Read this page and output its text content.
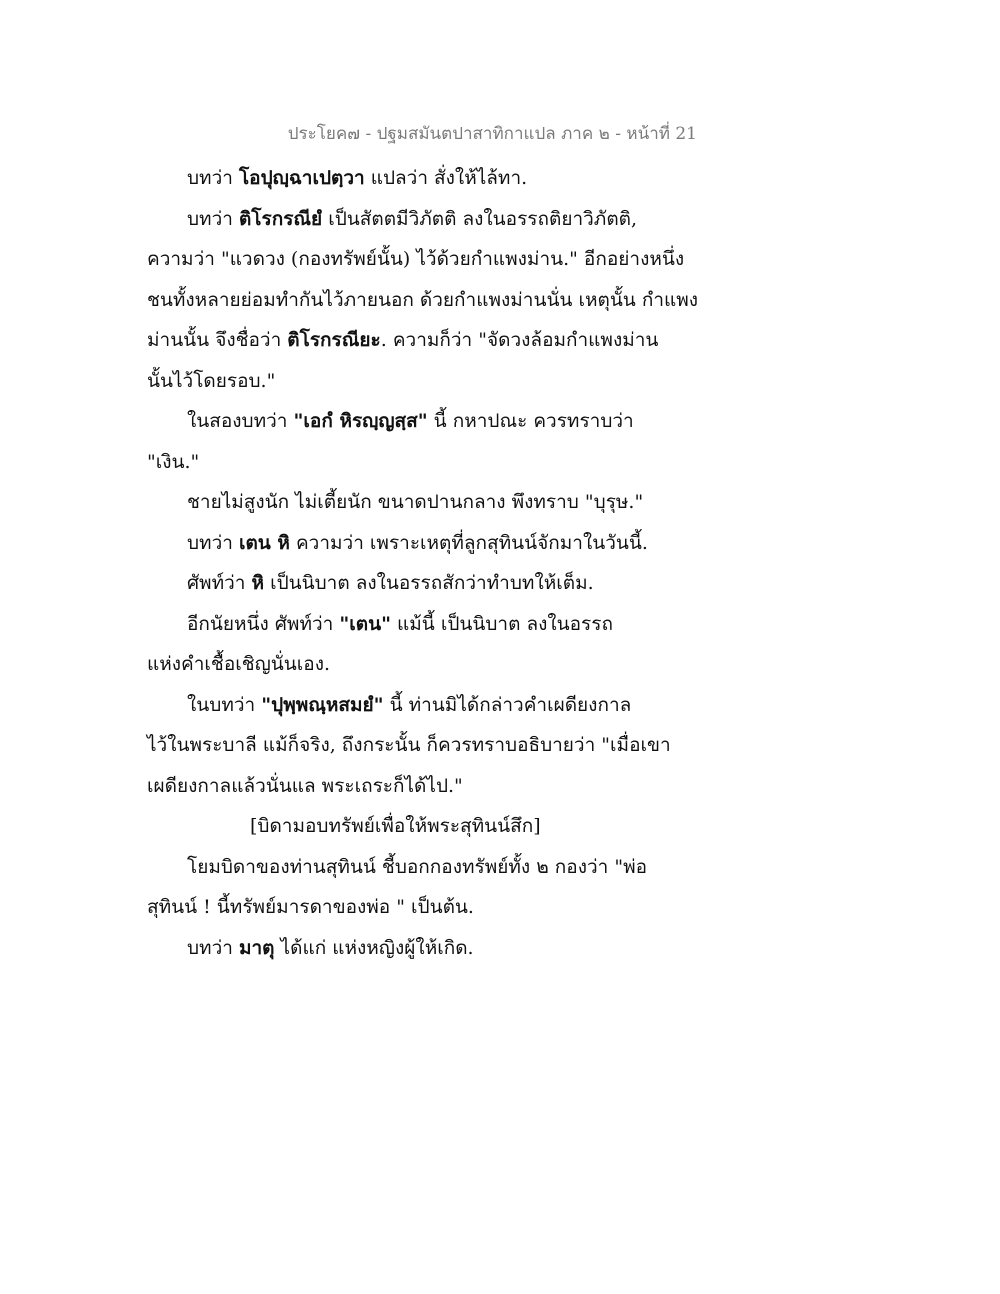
ประโยค๗ - ปฐมสมันตปาสาทิกาแปล ภาค ๒ - หน้าที่ 21
บทว่า โอปุญฺฉาเปตฺวา แปลว่า สั่งให้ไล้ทา.
บทว่า ติโรกรณียํ เป็นสัตตมีวิภัตติ ลงในอรรถติยาวิภัตติ,
ความว่า "แวดวง (กองทรัพย์นั้น) ไว้ด้วยกำแพงม่าน." อีกอย่างหนึ่ง
ชนทั้งหลายย่อมทำกันไว้ภายนอก ด้วยกำแพงม่านนั่น เหตุนั้น กำแพง
ม่านนั้น จึงชื่อว่า ติโรกรณียะ. ความก็ว่า "จัดวงล้อมกำแพงม่าน
นั้นไว้โดยรอบ."
ในสองบทว่า "เอกํ หิรญฺญสฺส" นี้ กหาปณะ ควรทราบว่า
"เงิน."
ชายไม่สูงนัก ไม่เตี้ยนัก ขนาดปานกลาง พึงทราบ "บุรุษ."
บทว่า เตน หิ ความว่า เพราะเหตุที่ลูกสุทินน์จักมาในวันนี้.
ศัพท์ว่า หิ เป็นนิบาต ลงในอรรถสักว่าทำบทให้เต็ม.
อีกนัยหนึ่ง ศัพท์ว่า "เตน" แม้นี้ เป็นนิบาต ลงในอรรถ
แห่งคำเชื้อเชิญนั่นเอง.
ในบทว่า "ปุพฺพณฺหสมยํ" นี้ ท่านมิได้กล่าวคำเผดียงกาล
ไว้ในพระบาลี แม้ก็จริง, ถึงกระนั้น ก็ควรทราบอธิบายว่า "เมื่อเขา
เผดียงกาลแล้วนั่นแล พระเถระก็ได้ไป."
[บิดามอบทรัพย์เพื่อให้พระสุทินน์สึก]
โยมบิดาของท่านสุทินน์ ชี้บอกกองทรัพย์ทั้ง ๒ กองว่า "พ่อ
สุทินน์ ! นี้ทรัพย์มารดาของพ่อ " เป็นต้น.
บทว่า มาตุ ได้แก่ แห่งหญิงผู้ให้เกิด.
